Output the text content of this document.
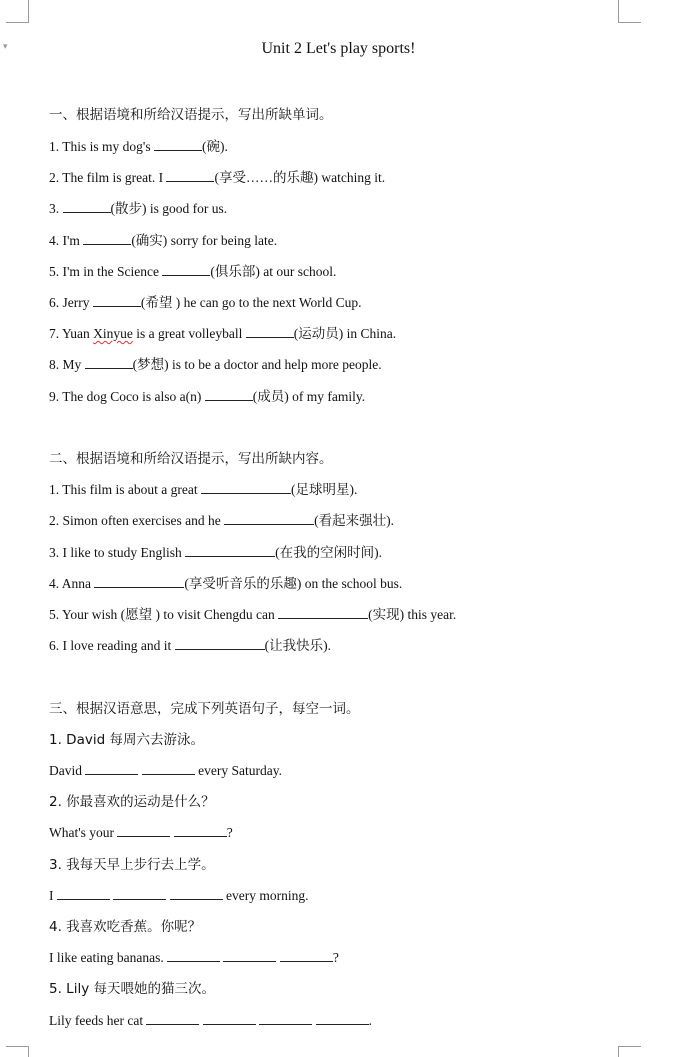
▾	Unit 2 Let's play sports!
一、根据语境和所给汉语提示，写出所缺单词。
1. This is my dog's	(碗).
2. The film is great. I	(享受……的乐趣) watching it.
3.	(散步) is good for us.
4. I'm	(确实) sorry for being late.
5. I'm in the Science	(俱乐部) at our school.
6. Jerry	(希望 ) he can go to the next World Cup.
7. Yuan Xinyue is a great volleyball	(运动员) in China.
8. My	(梦想) is to be a doctor and help more people.
9. The dog Coco is also a(n)	(成员) of my family.
二、根据语境和所给汉语提示，写出所缺内容。
1. This film is about a great	(足球明星).
2. Simon often exercises and he	(看起来强壮).
3. I like to study English	(在我的空闲时间).
4. Anna	(享受听音乐的乐趣) on the school bus.
5. Your wish (愿望 ) to visit Chengdu can	(实现) this year.
6. I love reading and it	(让我快乐).
三、根据汉语意思，完成下列英语句子，每空一词。
1. David 每周六去游泳。
David	every Saturday.
2. 你最喜欢的运动是什么？
What's your	?
3. 我每天早上步行去上学。
I	every morning.
4. 我喜欢吃香蕉。你呢？
I like eating bananas.	?
5. Lily 每天喂她的猫三次。
Lily feeds her cat	.
